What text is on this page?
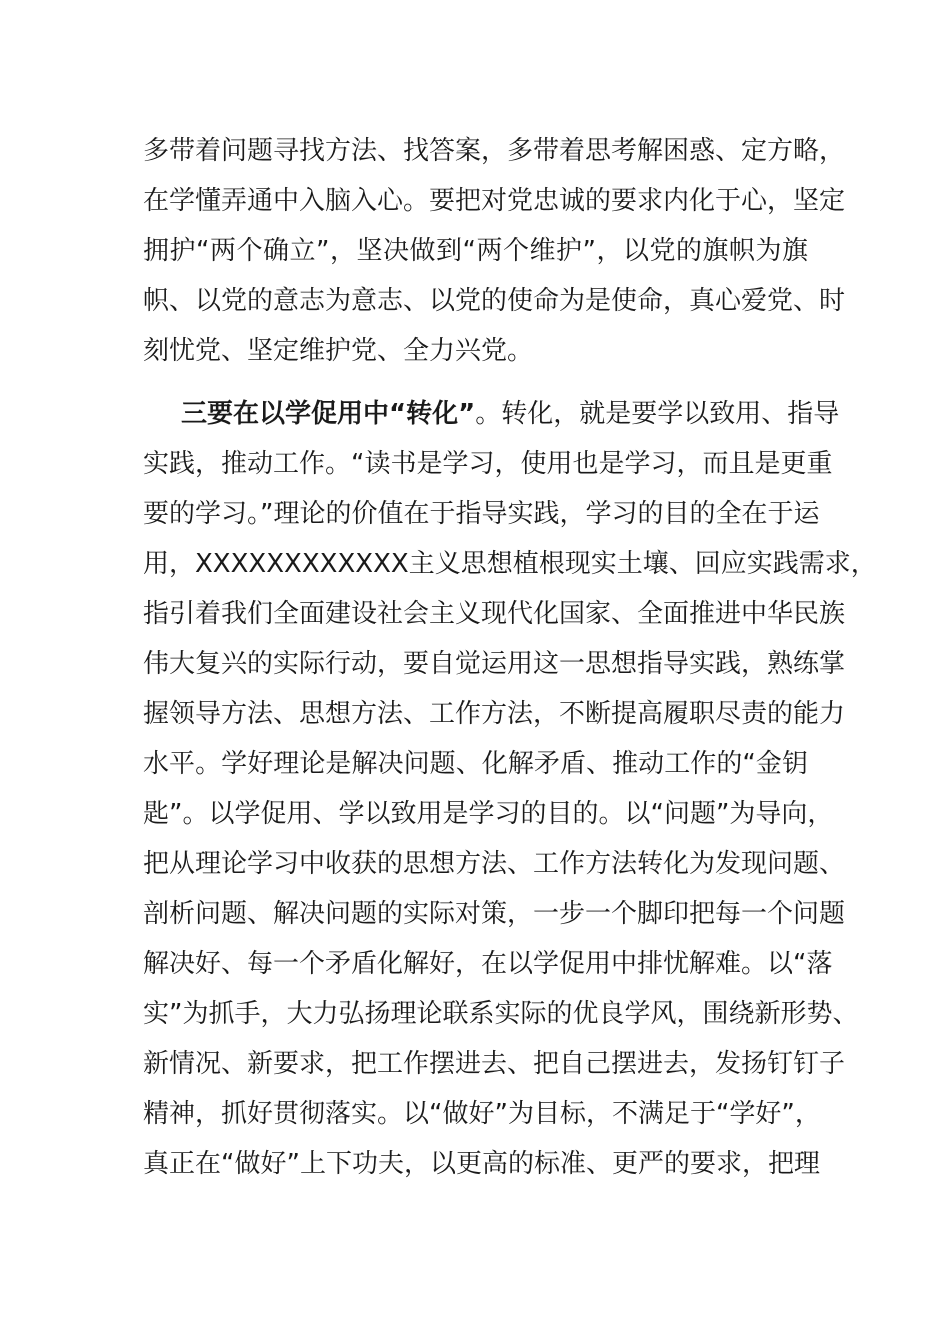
多带着问题寻找方法、找答案，多带着思考解困惑、定方略，
在学懂弄通中入脑入心。要把对党忠诚的要求内化于心，坚定
拥护“两个确立”，坚决做到“两个维护”，以党的旗帜为旗
帜、以党的意志为意志、以党的使命为是使命，真心爱党、时
刻忧党、坚定维护党、全力兴党。
三要在以学促用中“转化”。转化，就是要学以致用、指导
实践，推动工作。“读书是学习，使用也是学习，而且是更重
要的学习。”理论的价值在于指导实践，学习的目的全在于运
用，XXXXXXXXXXXX主义思想植根现实土壤、回应实践需求，
指引着我们全面建设社会主义现代化国家、全面推进中华民族
伟大复兴的实际行动，要自觉运用这一思想指导实践，熟练掌
握领导方法、思想方法、工作方法，不断提高履职尽责的能力
水平。学好理论是解决问题、化解矛盾、推动工作的“金钥
匙”。以学促用、学以致用是学习的目的。以“问题”为导向，
把从理论学习中收获的思想方法、工作方法转化为发现问题、
剖析问题、解决问题的实际对策，一步一个脚印把每一个问题
解决好、每一个矛盾化解好，在以学促用中排忧解难。以“落
实”为抓手，大力弘扬理论联系实际的优良学风，围绕新形势、
新情况、新要求，把工作摆进去、把自己摆进去，发扬钉钉子
精神，抓好贯彻落实。以“做好”为目标，不满足于“学好”，
真正在“做好”上下功夫，以更高的标准、更严的要求，把理
